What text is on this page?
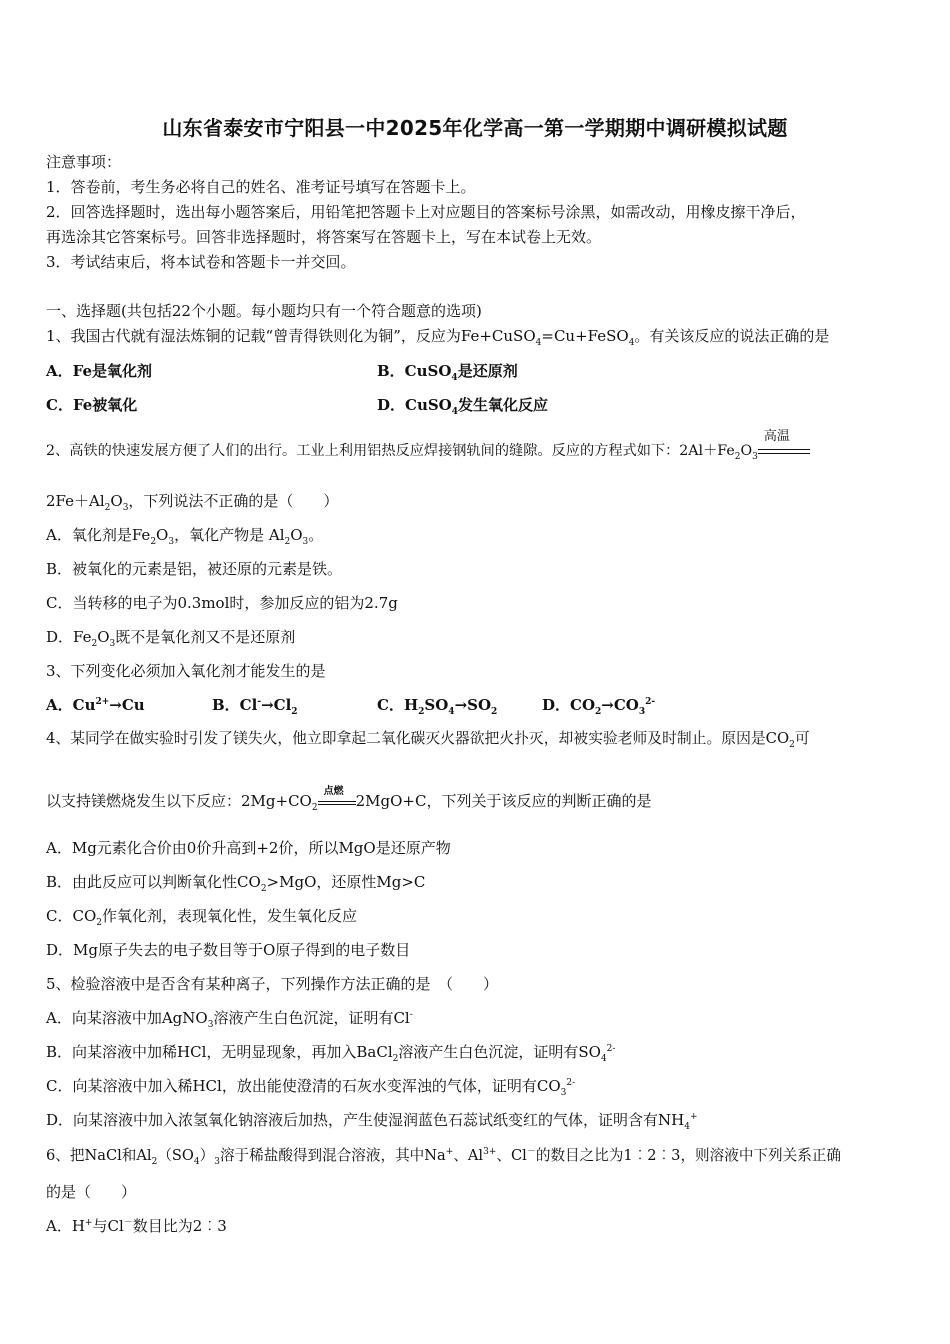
山东省泰安市宁阳县一中2025年化学高一第一学期期中调研模拟试题
注意事项：
1．答卷前，考生务必将自己的姓名、准考证号填写在答题卡上。
2．回答选择题时，选出每小题答案后，用铅笔把答题卡上对应题目的答案标号涂黑，如需改动，用橡皮擦干净后，
再选涂其它答案标号。回答非选择题时，将答案写在答题卡上，写在本试卷上无效。
3．考试结束后，将本试卷和答题卡一并交回。
一、选择题(共包括22个小题。每小题均只有一个符合题意的选项)
1、我国古代就有湿法炼铜的记载“曾青得铁则化为铜”，反应为Fe+CuSO$_4$=Cu+FeSO$_4$。有关该反应的说法正确的是
A．Fe是氧化剂	B．CuSO$_4$是还原剂
C．Fe被氧化	D．CuSO$_4$发生氧化反应
2、高铁的快速发展方便了人们的出行。工业上利用铝热反应焊接钢轨间的缝隙。反应的方程式如下：$2Al+Fe_2O_3$
高温
$2Fe+Al_2O_3$，下列说法不正确的是（　　）
A．氧化剂是$Fe_2O_3$，氧化产物是 $Al_2O_3$。
B．被氧化的元素是铝，被还原的元素是铁。
C．当转移的电子为0.3mol时，参加反应的铝为2.7g
D．$Fe_2O_3$既不是氧化剂又不是还原剂
3、下列变化必须加入氧化剂才能发生的是
A．$Cu^{2+}\to Cu$	B．$Cl^-\to Cl_2$	C．$H_2SO_4\to SO_2$	D．$CO_2\to CO_3^{2-}$
4、某同学在做实验时引发了镁失火，他立即拿起二氧化碳灭火器欲把火扑灭，却被实验老师及时制止。原因是$CO_2$可
以支持镁燃烧发生以下反应：$2Mg+CO_2$
点燃
2MgO+C，下列关于该反应的判断正确的是
A．Mg元素化合价由0价升高到+2价，所以MgO是还原产物
B．由此反应可以判断氧化性$CO_2>MgO$，还原性Mg>C
C．$CO_2$作氧化剂，表现氧化性，发生氧化反应
D．Mg原子失去的电子数目等于O原子得到的电子数目
5、检验溶液中是否含有某种离子，下列操作方法正确的是　（　　）
A．向某溶液中加AgNO$_3$溶液产生白色沉淀，证明有Cl-
B．向某溶液中加稀HCl，无明显现象，再加入BaCl$_2$溶液产生白色沉淀，证明有$SO_4^{2-}$
C．向某溶液中加入稀HCl，放出能使澄清的石灰水变浑浊的气体，证明有$CO_3^{2-}$
D．向某溶液中加入浓氢氧化钠溶液后加热，产生使湿润蓝色石蕊试纸变红的气体，证明含有$NH_4^+$
6、把NaCl和$Al_2(SO_4)_3$溶于稀盐酸得到混合溶液，其中Na+、$Al^{3+}$、Cl－的数目之比为1︰2︰3，则溶液中下列关系正确
的是（　　）
A．H+与Cl－数目比为2︰3
